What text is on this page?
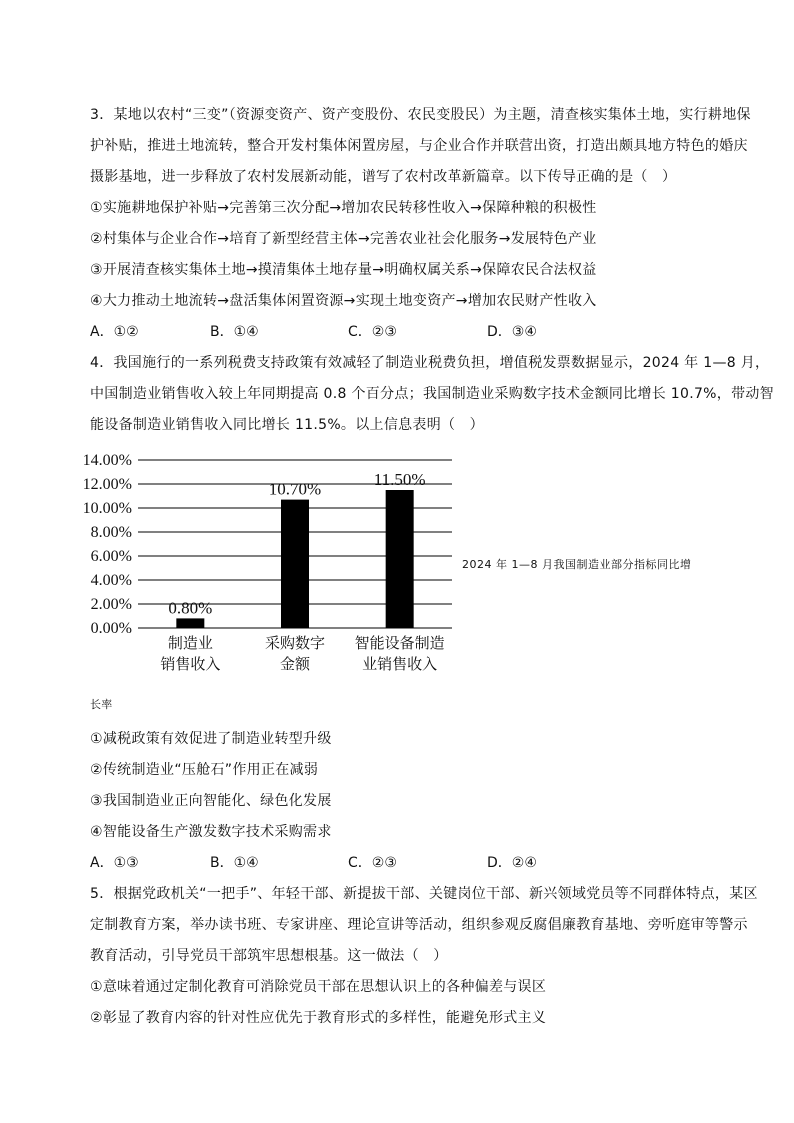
3．某地以农村“三变”（资源变资产、资产变股份、农民变股民）为主题，清查核实集体土地，实行耕地保
护补贴，推进土地流转，整合开发村集体闲置房屋，与企业合作并联营出资，打造出颇具地方特色的婚庆
摄影基地，进一步释放了农村发展新动能，谱写了农村改革新篇章。以下传导正确的是（　）
①实施耕地保护补贴→完善第三次分配→增加农民转移性收入→保障种粮的积极性
②村集体与企业合作→培育了新型经营主体→完善农业社会化服务→发展特色产业
③开展清查核实集体土地→摸清集体土地存量→明确权属关系→保障农民合法权益
④大力推动土地流转→盘活集体闲置资源→实现土地变资产→增加农民财产性收入
A．①②	B．①④	C．②③	D．③④
4．我国施行的一系列税费支持政策有效减轻了制造业税费负担，增值税发票数据显示，2024 年 1—8 月，
中国制造业销售收入较上年同期提高 0.8 个百分点；我国制造业采购数字技术金额同比增长 10.7%，带动智
能设备制造业销售收入同比增长 11.5%。以上信息表明（　）
0.00%
2.00%
4.00%
6.00%
8.00%
10.00%
12.00%
14.00%
0.80%
制造业
销售收入
10.70%
采购数字
金额
11.50%
智能设备制造
业销售收入
2024 年 1—8 月我国制造业部分指标同比增
长率
①减税政策有效促进了制造业转型升级
②传统制造业“压舱石”作用正在减弱
③我国制造业正向智能化、绿色化发展
④智能设备生产激发数字技术采购需求
A．①③	B．①④	C．②③	D．②④
5．根据党政机关“一把手”、年轻干部、新提拔干部、关键岗位干部、新兴领域党员等不同群体特点，某区
定制教育方案，举办读书班、专家讲座、理论宣讲等活动，组织参观反腐倡廉教育基地、旁听庭审等警示
教育活动，引导党员干部筑牢思想根基。这一做法（　）
①意味着通过定制化教育可消除党员干部在思想认识上的各种偏差与误区
②彰显了教育内容的针对性应优先于教育形式的多样性，能避免形式主义
